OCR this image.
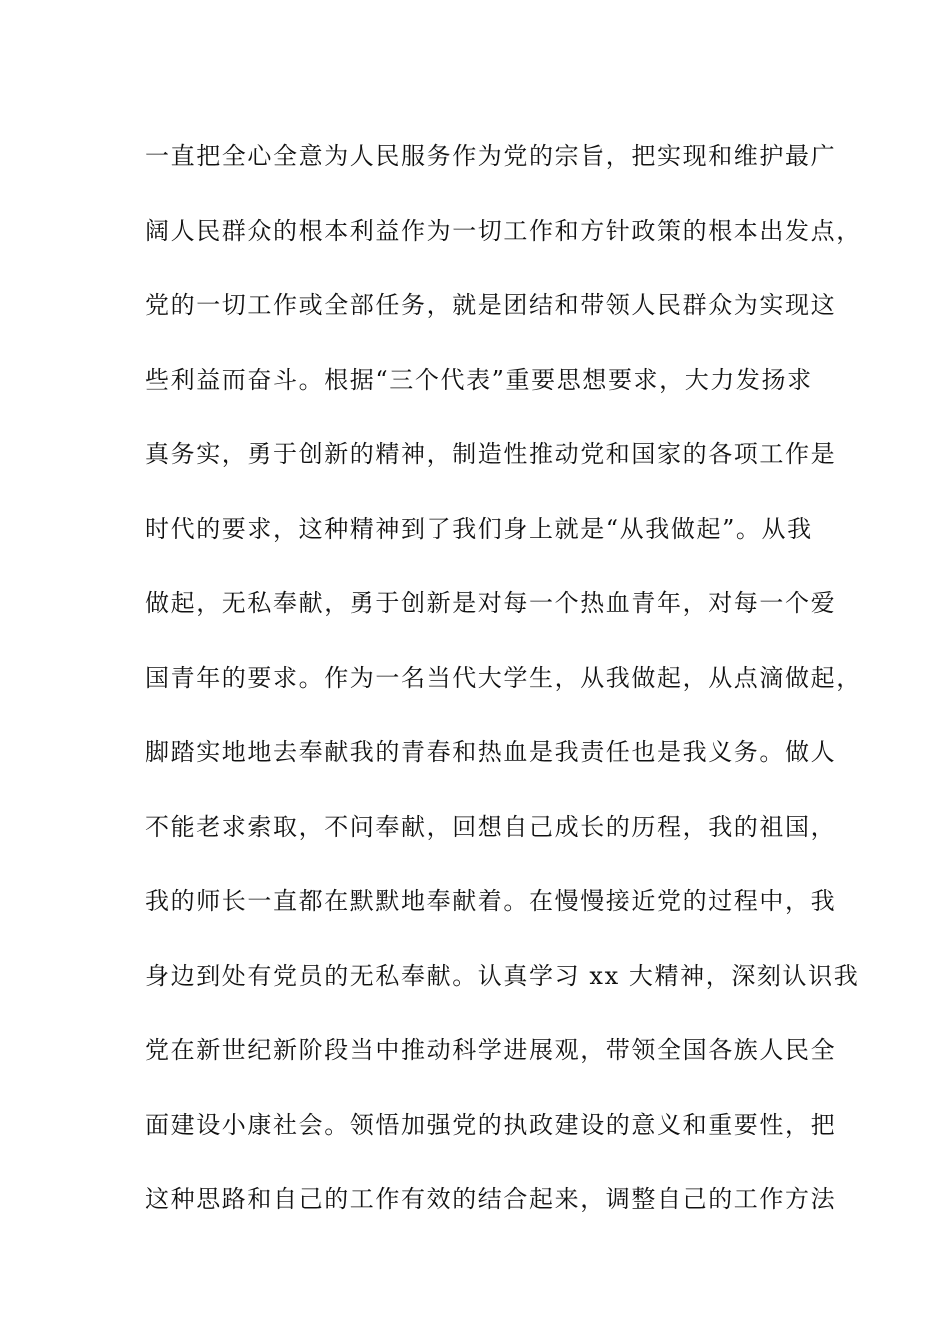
一直把全心全意为人民服务作为党的宗旨，把实现和维护最广
阔人民群众的根本利益作为一切工作和方针政策的根本出发点，
党的一切工作或全部任务，就是团结和带领人民群众为实现这
些利益而奋斗。根据“三个代表”重要思想要求，大力发扬求
真务实，勇于创新的精神，制造性推动党和国家的各项工作是
时代的要求，这种精神到了我们身上就是“从我做起”。从我
做起，无私奉献，勇于创新是对每一个热血青年，对每一个爱
国青年的要求。作为一名当代大学生，从我做起，从点滴做起，
脚踏实地地去奉献我的青春和热血是我责任也是我义务。做人
不能老求索取，不问奉献，回想自己成长的历程，我的祖国，
我的师长一直都在默默地奉献着。在慢慢接近党的过程中，我
身边到处有党员的无私奉献。认真学习 xx 大精神，深刻认识我
党在新世纪新阶段当中推动科学进展观，带领全国各族人民全
面建设小康社会。领悟加强党的执政建设的意义和重要性，把
这种思路和自己的工作有效的结合起来，调整自己的工作方法
